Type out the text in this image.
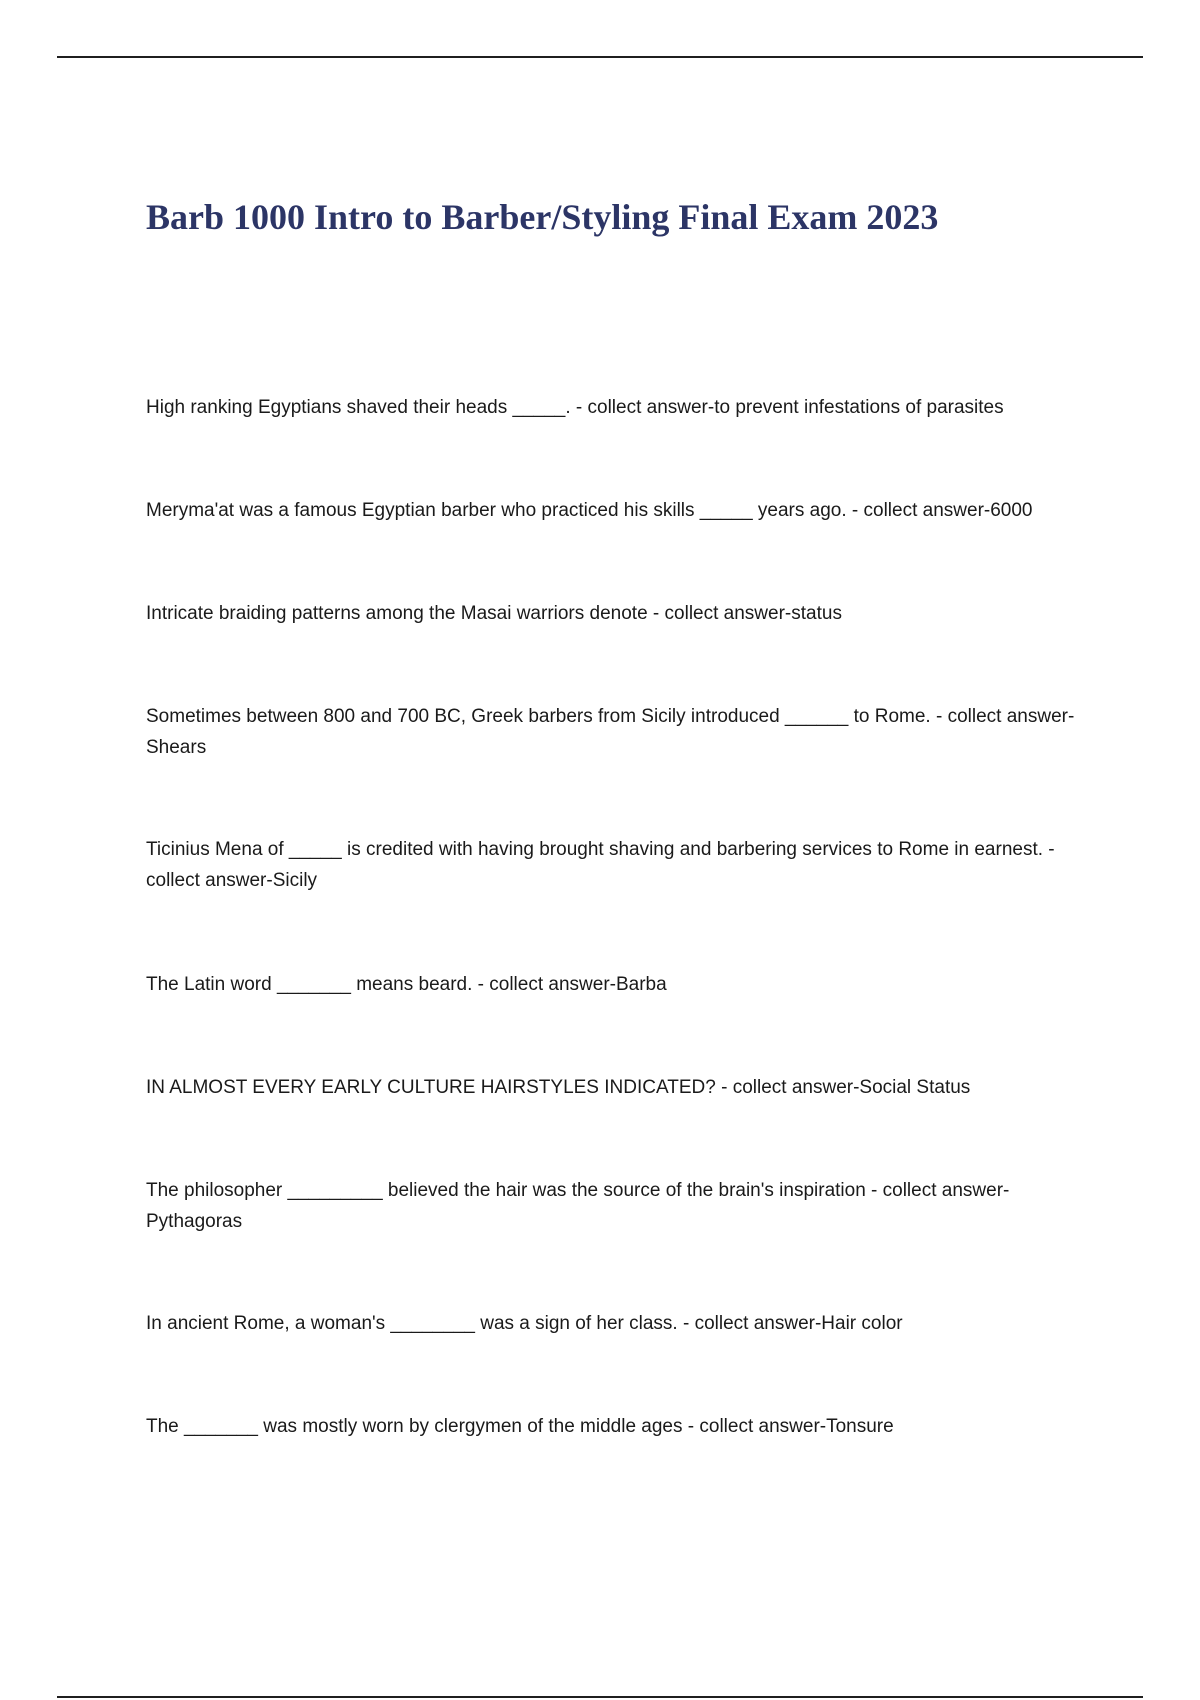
Barb 1000 Intro to Barber/Styling Final Exam 2023

High ranking Egyptians shaved their heads _____. - collect answer-to prevent infestations of parasites

Meryma'at was a famous Egyptian barber who practiced his skills _____ years ago. - collect answer-6000

Intricate braiding patterns among the Masai warriors denote - collect answer-status

Sometimes between 800 and 700 BC, Greek barbers from Sicily introduced ______ to Rome. - collect answer-Shears

Ticinius Mena of _____ is credited with having brought shaving and barbering services to Rome in earnest. - collect answer-Sicily

The Latin word _______ means beard. - collect answer-Barba

IN ALMOST EVERY EARLY CULTURE HAIRSTYLES INDICATED? - collect answer-Social Status

The philosopher _________ believed the hair was the source of the brain's inspiration - collect answer-Pythagoras

In ancient Rome, a woman's ________ was a sign of her class. - collect answer-Hair color

The _______ was mostly worn by clergymen of the middle ages - collect answer-Tonsure
